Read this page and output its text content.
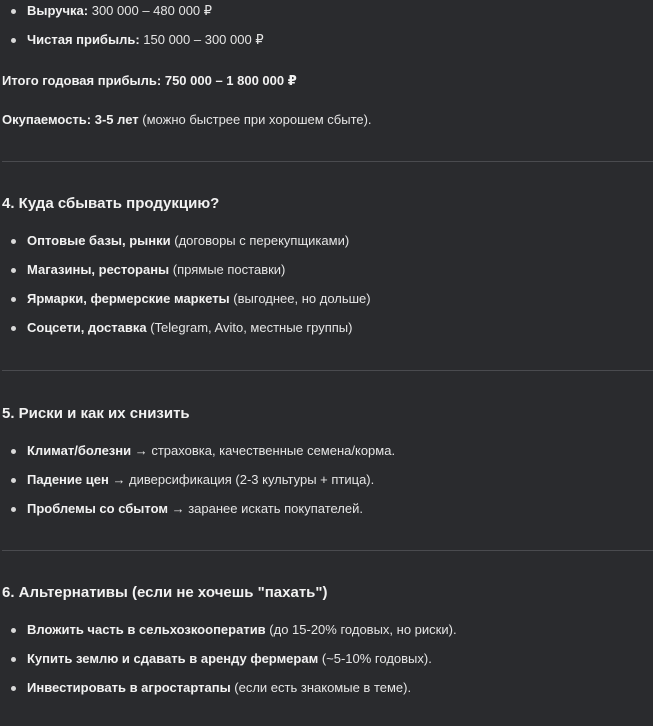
Выручка: 300 000 – 480 000 ₽
Чистая прибыль: 150 000 – 300 000 ₽
Итого годовая прибыль: 750 000 – 1 800 000 ₽
Окупаемость: 3-5 лет (можно быстрее при хорошем сбыте).
4. Куда сбывать продукцию?
Оптовые базы, рынки (договоры с перекупщиками)
Магазины, рестораны (прямые поставки)
Ярмарки, фермерские маркеты (выгоднее, но дольше)
Соцсети, доставка (Telegram, Avito, местные группы)
5. Риски и как их снизить
Климат/болезни → страховка, качественные семена/корма.
Падение цен → диверсификация (2-3 культуры + птица).
Проблемы со сбытом → заранее искать покупателей.
6. Альтернативы (если не хочешь "пахать")
Вложить часть в сельхозкооператив (до 15-20% годовых, но риски).
Купить землю и сдавать в аренду фермерам (~5-10% годовых).
Инвестировать в агростартапы (если есть знакомые в теме).
